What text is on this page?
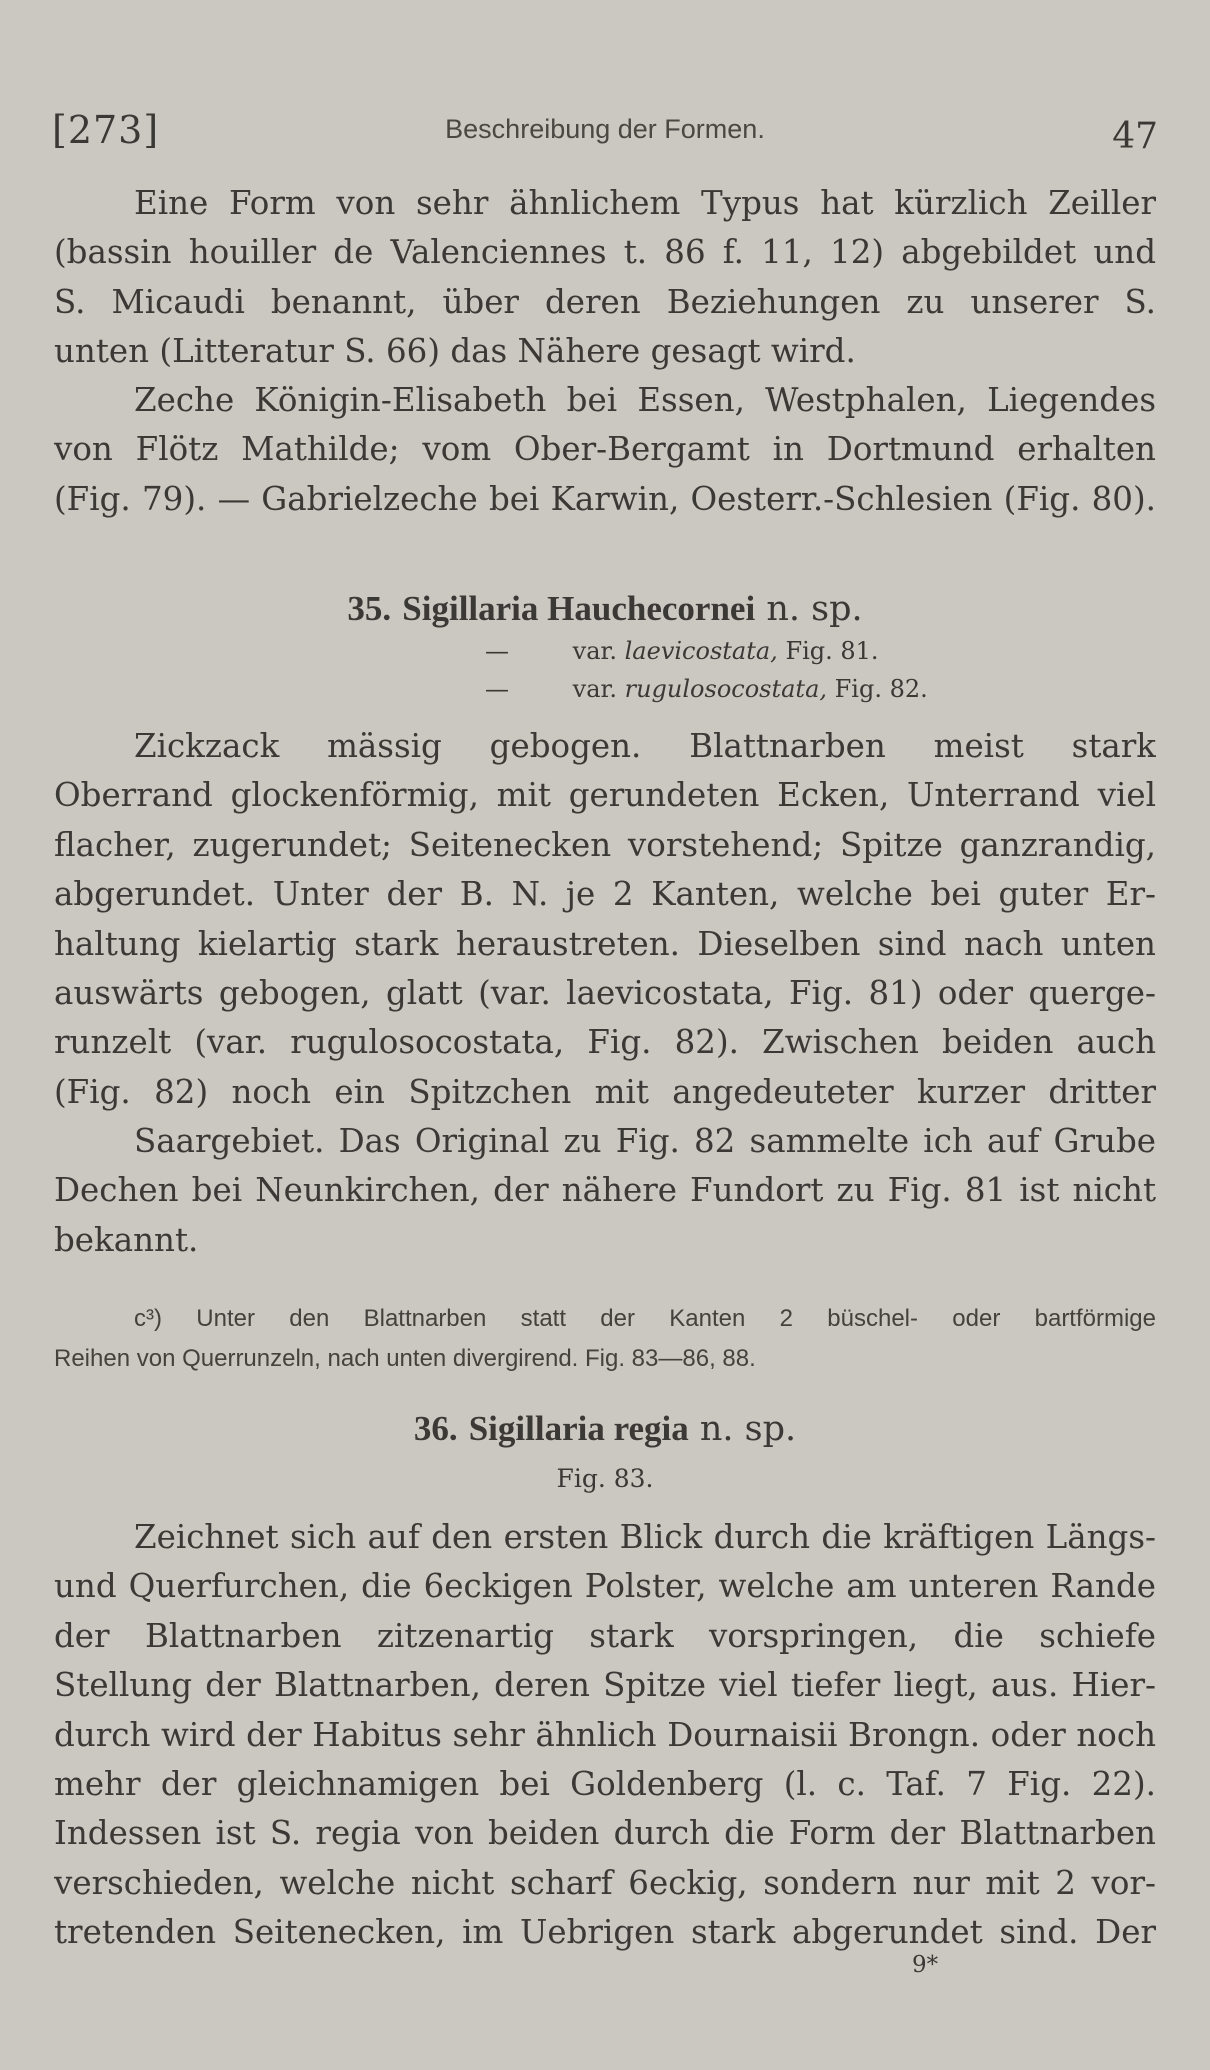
[273]	Beschreibung der Formen.	47
Eine Form von sehr ähnlichem Typus hat kürzlich Zeiller
(bassin houiller de Valenciennes t. 86 f. 11, 12) abgebildet und
S. Micaudi benannt, über deren Beziehungen zu unserer S.
unten (Litteratur S. 66) das Nähere gesagt wird.
Zeche Königin-Elisabeth bei Essen, Westphalen, Liegendes
von Flötz Mathilde; vom Ober-Bergamt in Dortmund erhalten
(Fig. 79). — Gabrielzeche bei Karwin, Oesterr.-Schlesien (Fig. 80).
35. Sigillaria Hauchecornei n. sp.
—	var. laevicostata, Fig. 81.
—	var. rugulosocostata, Fig. 82.
Zickzack mässig gebogen. Blattnarben meist stark
Oberrand glockenförmig, mit gerundeten Ecken, Unterrand viel
flacher, zugerundet; Seitenecken vorstehend; Spitze ganzrandig,
abgerundet. Unter der B. N. je 2 Kanten, welche bei guter Er-
haltung kielartig stark heraustreten. Dieselben sind nach unten
auswärts gebogen, glatt (var. laevicostata, Fig. 81) oder querge-
runzelt (var. rugulosocostata, Fig. 82). Zwischen beiden auch
(Fig. 82) noch ein Spitzchen mit angedeuteter kurzer dritter
Saargebiet. Das Original zu Fig. 82 sammelte ich auf Grube
Dechen bei Neunkirchen, der nähere Fundort zu Fig. 81 ist nicht
bekannt.
c³) Unter den Blattnarben statt der Kanten 2 büschel- oder bartförmige
Reihen von Querrunzeln, nach unten divergirend. Fig. 83—86, 88.
36. Sigillaria regia n. sp.
Fig. 83.
Zeichnet sich auf den ersten Blick durch die kräftigen Längs-
und Querfurchen, die 6eckigen Polster, welche am unteren Rande
der Blattnarben zitzenartig stark vorspringen, die schiefe
Stellung der Blattnarben, deren Spitze viel tiefer liegt, aus. Hier-
durch wird der Habitus sehr ähnlich Dournaisii Brongn. oder noch
mehr der gleichnamigen bei Goldenberg (l. c. Taf. 7 Fig. 22).
Indessen ist S. regia von beiden durch die Form der Blattnarben
verschieden, welche nicht scharf 6eckig, sondern nur mit 2 vor-
tretenden Seitenecken, im Uebrigen stark abgerundet sind. Der
9*
